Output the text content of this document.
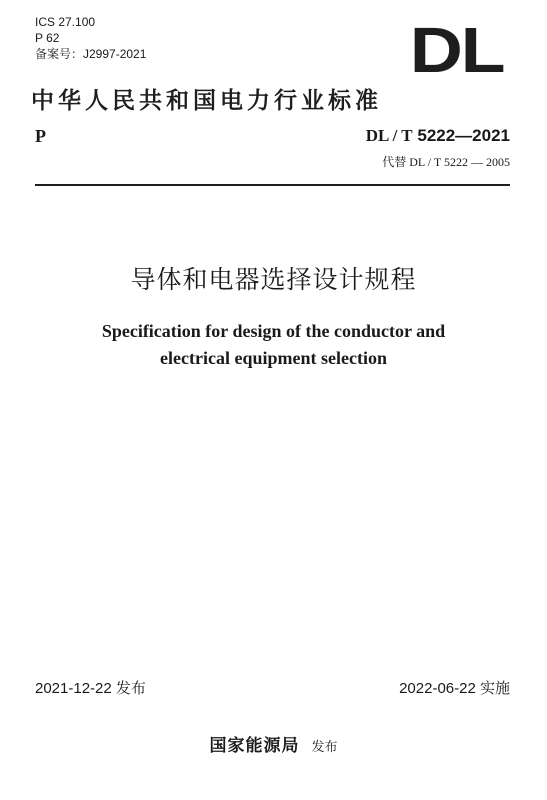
ICS 27.100
P 62
备案号：J2997-2021	DL
中华人民共和国电力行业标准
P	DL / T 5222—2021
代替 DL / T 5222 — 2005
导体和电器选择设计规程
Specification for design of the conductor and
electrical equipment selection
2021-12-22 发布	2022-06-22 实施
国家能源局 发布
